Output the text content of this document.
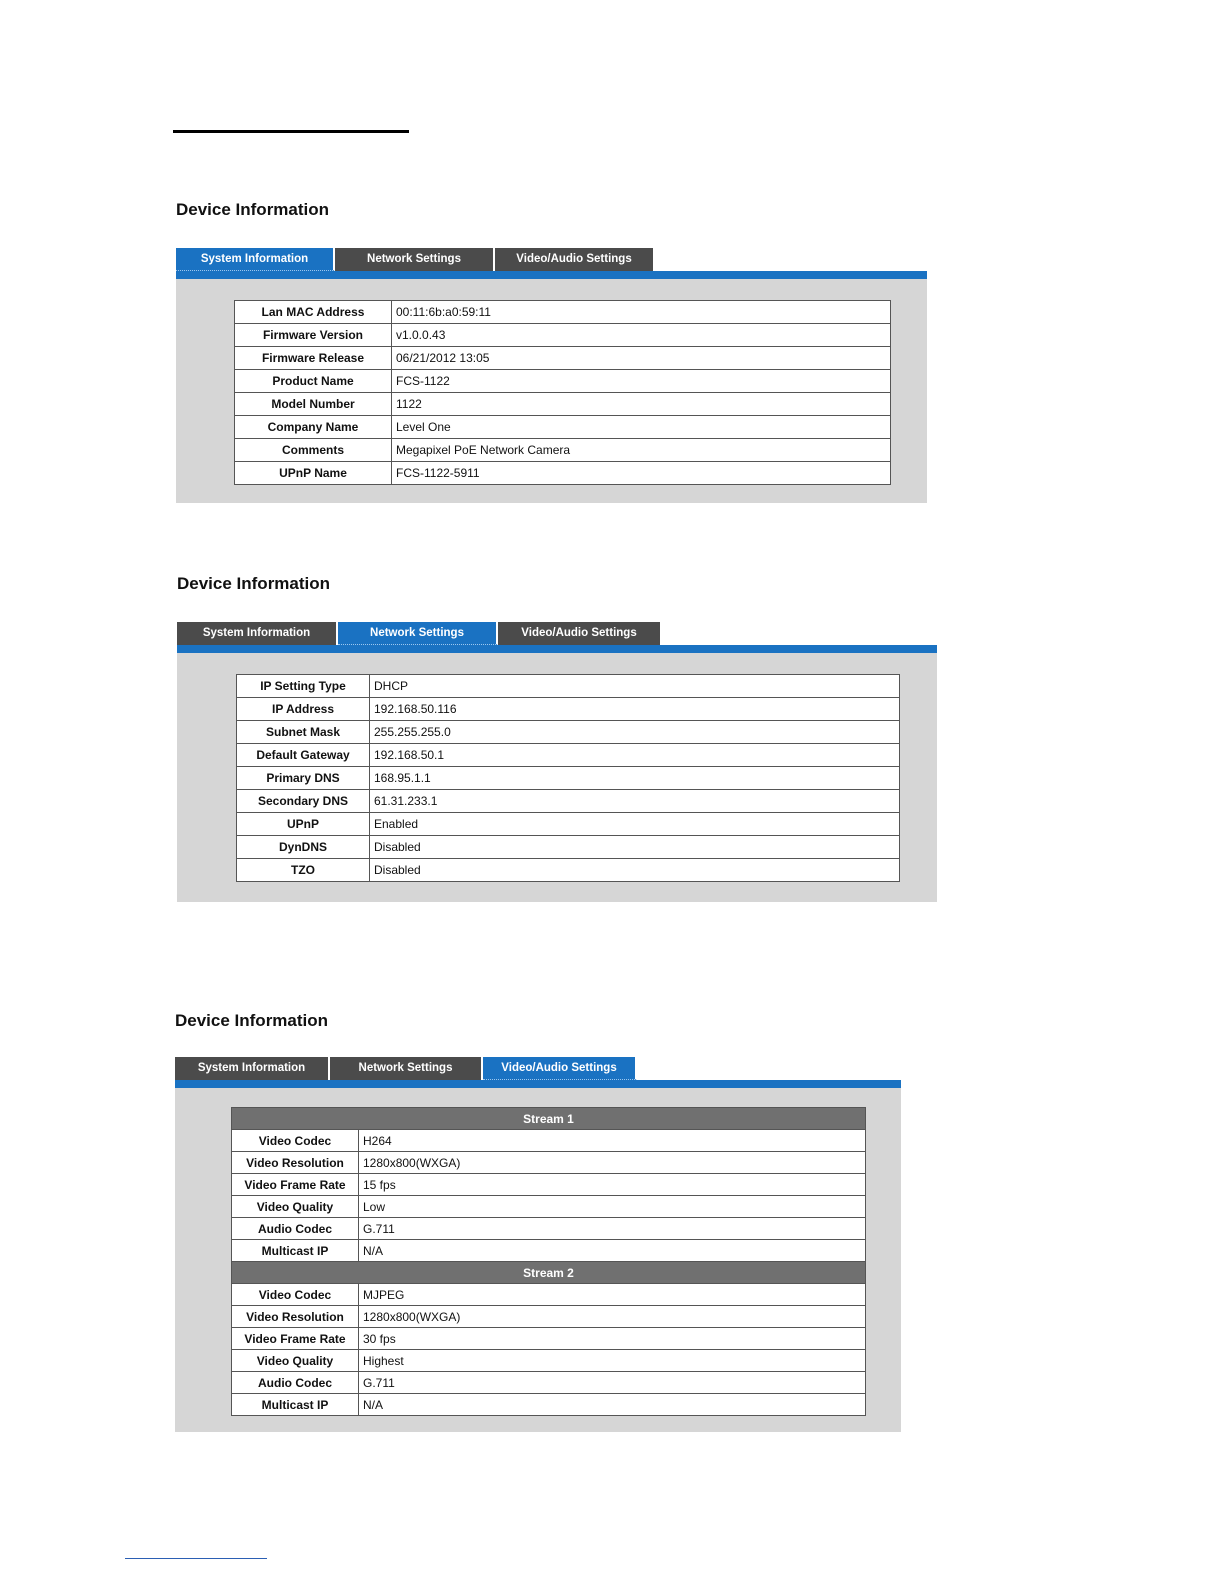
Device Information
System Information	Network Settings	Video/Audio Settings
Lan MAC Address	00:11:6b:a0:59:11
Firmware Version	v1.0.0.43
Firmware Release	06/21/2012 13:05
Product Name	FCS-1122
Model Number	1122
Company Name	Level One
Comments	Megapixel PoE Network Camera
UPnP Name	FCS-1122-5911
Device Information
System Information	Network Settings	Video/Audio Settings
IP Setting Type	DHCP
IP Address	192.168.50.116
Subnet Mask	255.255.255.0
Default Gateway	192.168.50.1
Primary DNS	168.95.1.1
Secondary DNS	61.31.233.1
UPnP	Enabled
DynDNS	Disabled
TZO	Disabled
Device Information
System Information	Network Settings	Video/Audio Settings
Stream 1	
Video Codec	H264
Video Resolution	1280x800(WXGA)
Video Frame Rate	15 fps
Video Quality	Low
Audio Codec	G.711
Multicast IP	N/A
Stream 2	
Video Codec	MJPEG
Video Resolution	1280x800(WXGA)
Video Frame Rate	30 fps
Video Quality	Highest
Audio Codec	G.711
Multicast IP	N/A
